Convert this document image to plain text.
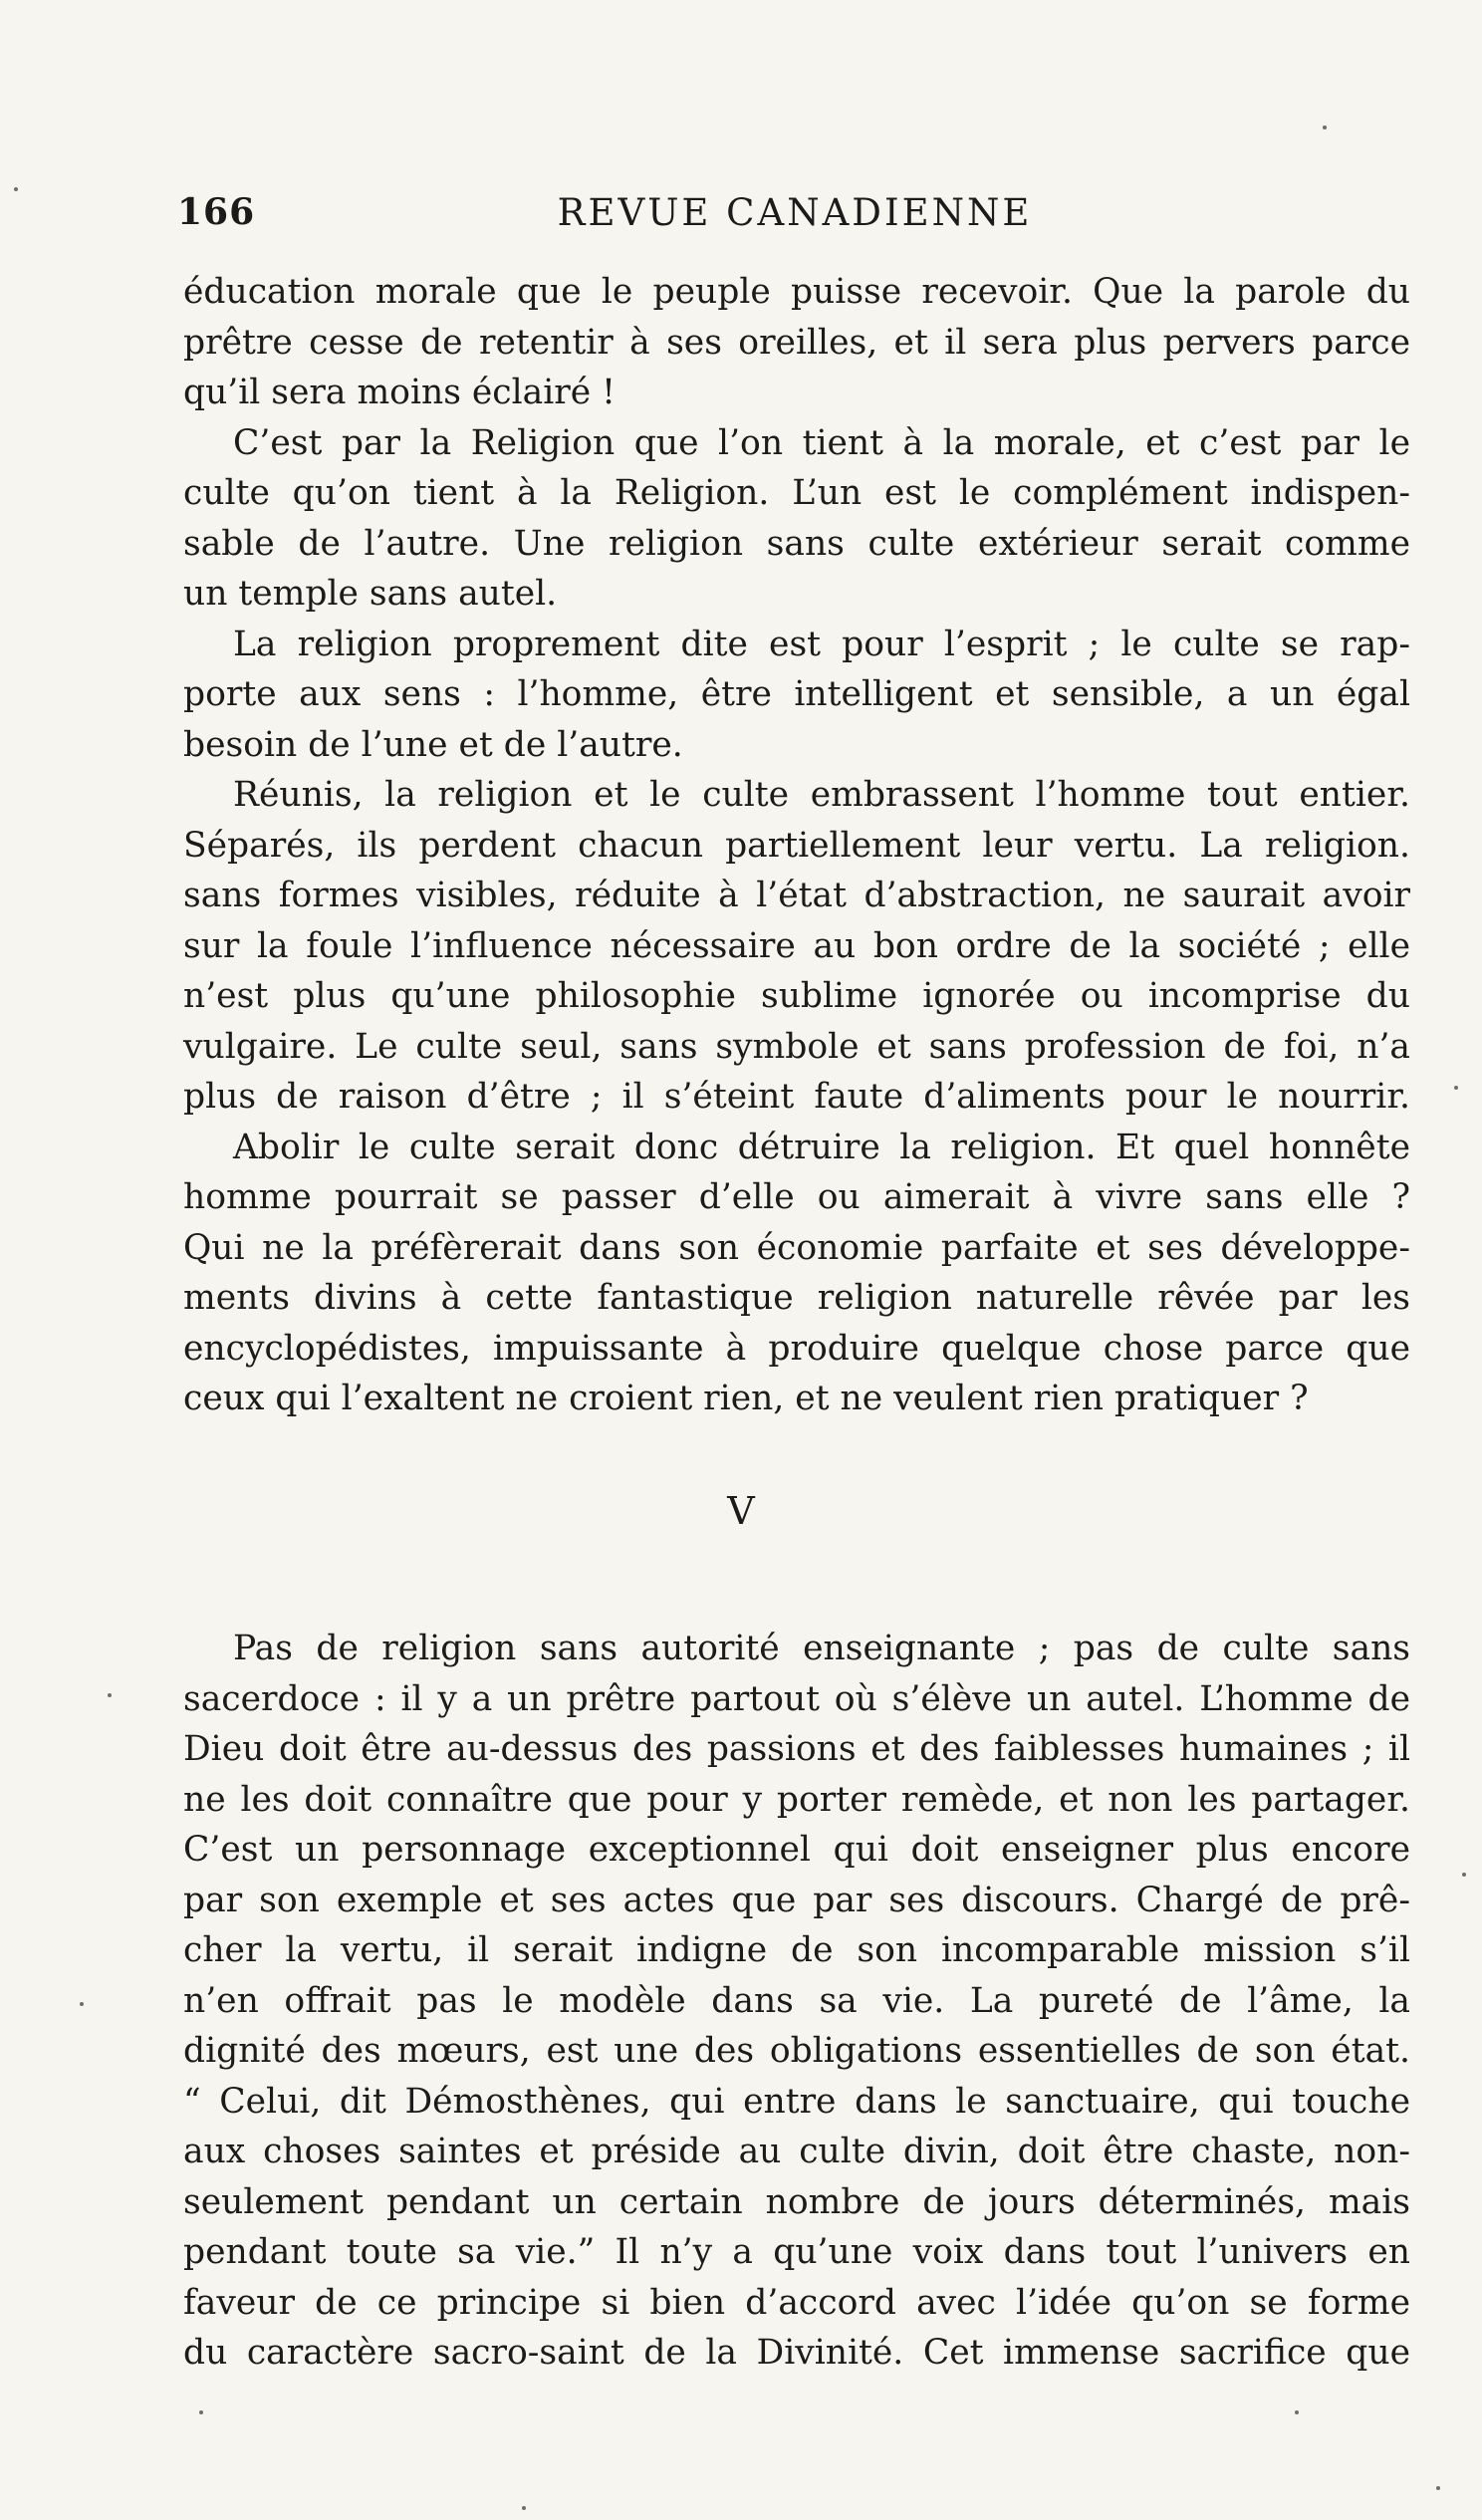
166	REVUE CANADIENNE
éducation morale que le peuple puisse recevoir. Que la parole du
prêtre cesse de retentir à ses oreilles, et il sera plus pervers parce
qu’il sera moins éclairé !
C’est par la Religion que l’on tient à la morale, et c’est par le
culte qu’on tient à la Religion. L’un est le complément indispen-
sable de l’autre. Une religion sans culte extérieur serait comme
un temple sans autel.
La religion proprement dite est pour l’esprit ; le culte se rap-
porte aux sens : l’homme, être intelligent et sensible, a un égal
besoin de l’une et de l’autre.
Réunis, la religion et le culte embrassent l’homme tout entier.
Séparés, ils perdent chacun partiellement leur vertu. La religion.
sans formes visibles, réduite à l’état d’abstraction, ne saurait avoir
sur la foule l’influence nécessaire au bon ordre de la société ; elle
n’est plus qu’une philosophie sublime ignorée ou incomprise du
vulgaire. Le culte seul, sans symbole et sans profession de foi, n’a
plus de raison d’être ; il s’éteint faute d’aliments pour le nourrir.
Abolir le culte serait donc détruire la religion. Et quel honnête
homme pourrait se passer d’elle ou aimerait à vivre sans elle ?
Qui ne la préfèrerait dans son économie parfaite et ses développe-
ments divins à cette fantastique religion naturelle rêvée par les
encyclopédistes, impuissante à produire quelque chose parce que
ceux qui l’exaltent ne croient rien, et ne veulent rien pratiquer ?
V
Pas de religion sans autorité enseignante ; pas de culte sans
sacerdoce : il y a un prêtre partout où s’élève un autel. L’homme de
Dieu doit être au-dessus des passions et des faiblesses humaines ; il
ne les doit connaître que pour y porter remède, et non les partager.
C’est un personnage exceptionnel qui doit enseigner plus encore
par son exemple et ses actes que par ses discours. Chargé de prê-
cher la vertu, il serait indigne de son incomparable mission s’il
n’en offrait pas le modèle dans sa vie. La pureté de l’âme, la
dignité des mœurs, est une des obligations essentielles de son état.
“ Celui, dit Démosthènes, qui entre dans le sanctuaire, qui touche
aux choses saintes et préside au culte divin, doit être chaste, non-
seulement pendant un certain nombre de jours déterminés, mais
pendant toute sa vie.” Il n’y a qu’une voix dans tout l’univers en
faveur de ce principe si bien d’accord avec l’idée qu’on se forme
du caractère sacro-saint de la Divinité. Cet immense sacrifice que
